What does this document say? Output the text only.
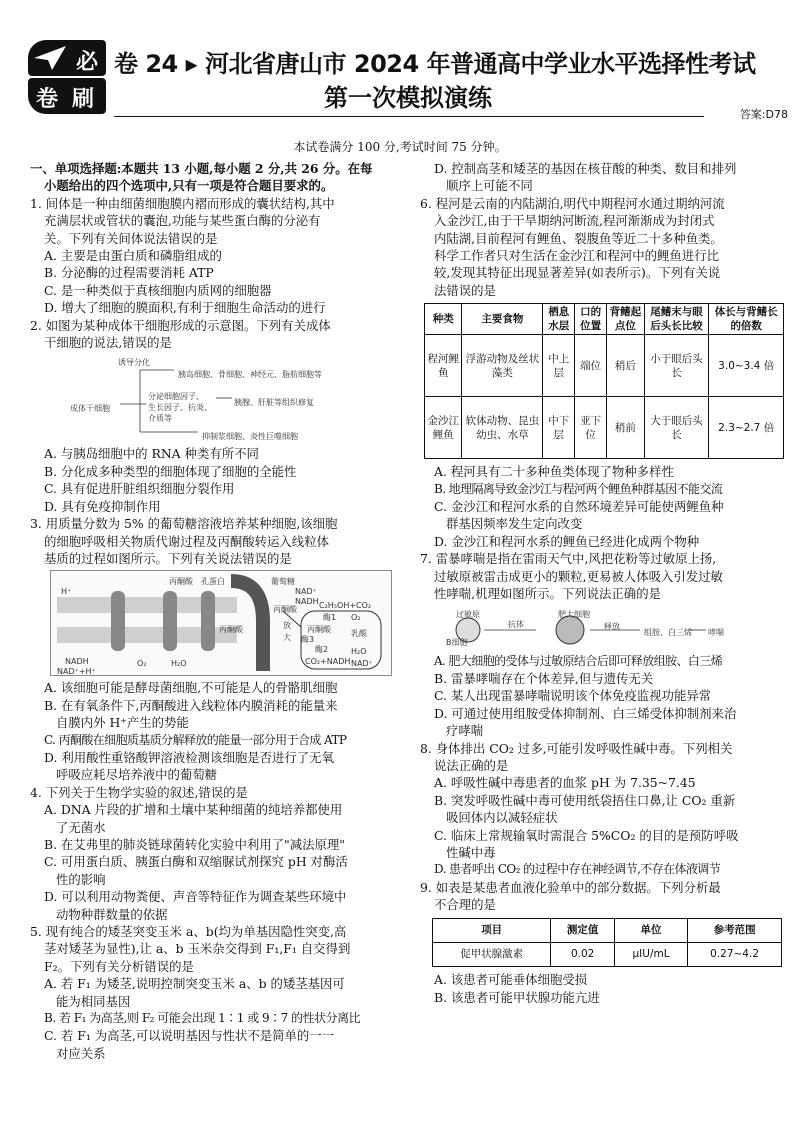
必
卷 刷
卷 24 ▸ 河北省唐山市 2024 年普通高中学业水平选择性考试
第一次模拟演练
答案:D78
本试卷满分 100 分,考试时间 75 分钟。

一、单项选择题:本题共 13 小题,每小题 2 分,共 26 分。在每

小题给出的四个选项中,只有一项是符合题目要求的。

1. 间体是一种由细菌细胞膜内褶而形成的囊状结构,其中

充满层状或管状的囊泡,功能与某些蛋白酶的分泌有

关。下列有关间体说法错误的是

A. 主要是由蛋白质和磷脂组成的

B. 分泌酶的过程需要消耗 ATP

C. 是一种类似于真核细胞内质网的细胞器

D. 增大了细胞的膜面积,有利于细胞生命活动的进行

2. 如图为某种成体干细胞形成的示意图。下列有关成体

干细胞的说法,错误的是

诱导分化
胰岛细胞、骨细胞、神经元、脂肪细胞等
分泌细胞因子、
生长因子、抗炎、
介质等
胰腺、肝脏等组织修复
成体干细胞
抑制浆细胞、炎性巨噬细胞

A. 与胰岛细胞中的 RNA 种类有所不同

B. 分化成多种类型的细胞体现了细胞的全能性

C. 具有促进肝脏组织细胞分裂作用

D. 具有免疫抑制作用

3. 用质量分数为 5% 的葡萄糖溶液培养某种细胞,该细胞

的细胞呼吸相关物质代谢过程及丙酮酸转运入线粒体

基质的过程如图所示。下列有关说法错误的是

丙酮酸 孔蛋白	葡萄糖
NAD⁺
NADH C₂H₅OH+CO₂
酶1
丙酮酸
O₂
丙酮酸
酶3
酶2
CO₂+NADH
H₂O
NAD⁺
乳酸
放
大
NADH
NAD⁺+H⁺
H⁺
O₂	H₂O
丙酮酸

A. 该细胞可能是酵母菌细胞,不可能是人的骨骼肌细胞

B. 在有氧条件下,丙酮酸进入线粒体内膜消耗的能量来

自膜内外 H⁺产生的势能

C. 丙酮酸在细胞质基质分解释放的能量一部分用于合成 ATP

D. 利用酸性重铬酸钾溶液检测该细胞是否进行了无氧

呼吸应耗尽培养液中的葡萄糖

4. 下列关于生物学实验的叙述,错误的是

A. DNA 片段的扩增和土壤中某种细菌的纯培养都使用

了无菌水

B. 在艾弗里的肺炎链球菌转化实验中利用了"减法原理"

C. 可用蛋白质、胰蛋白酶和双缩脲试剂探究 pH 对酶活

性的影响

D. 可以利用动物粪便、声音等特征作为调查某些环境中

动物种群数量的依据

5. 现有纯合的矮茎突变玉米 a、b(均为单基因隐性突变,高

茎对矮茎为显性),让 a、b 玉米杂交得到 F₁,F₁ 自交得到

F₂。下列有关分析错误的是

A. 若 F₁ 为矮茎,说明控制突变玉米 a、b 的矮茎基因可

能为相同基因

B. 若 F₁ 为高茎,则 F₂ 可能会出现 1∶1 或 9∶7 的性状分离比

C. 若 F₁ 为高茎,可以说明基因与性状不是简单的一一

对应关系

D. 控制高茎和矮茎的基因在核苷酸的种类、数目和排列

顺序上可能不同

6. 程河是云南的内陆湖泊,明代中期程河水通过期纳河流

入金沙江,由于干旱期纳河断流,程河渐渐成为封闭式

内陆湖,目前程河有鲤鱼、裂腹鱼等近二十多种鱼类。

科学工作者只对生活在金沙江和程河中的鲤鱼进行比

较,发现其特征出现显著差异(如表所示)。下列有关说

法错误的是

种类	主要食物	栖息水层	口的位置	背鳍起点位	尾鳍末与眼后头长比较	体长与背鳍长的倍数
程河鲤鱼	浮游动物及丝状藻类	中上层	端位	稍后	小于眼后头长	3.0~3.4 倍
金沙江鲤鱼	软体动物、昆虫幼虫、水草	中下层	亚下位	稍前	大于眼后头长	2.3~2.7 倍

A. 程河具有二十多种鱼类体现了物种多样性

B. 地理隔离导致金沙江与程河两个鲤鱼种群基因不能交流

C. 金沙江和程河水系的自然环境差异可能使两鲤鱼种

群基因频率发生定向改变

D. 金沙江和程河水系的鲤鱼已经进化成两个物种

7. 雷暴哮喘是指在雷雨天气中,风把花粉等过敏原上扬,

过敏原被雷击成更小的颗粒,更易被人体吸入引发过敏

性哮喘,机理如图所示。下列说法正确的是

过敏原
B细胞
抗体
肥大细胞
释放
组胺、白三烯 哮喘

A. 肥大细胞的受体与过敏原结合后即可释放组胺、白三烯

B. 雷暴哮喘存在个体差异,但与遗传无关

C. 某人出现雷暴哮喘说明该个体免疫监视功能异常

D. 可通过使用组胺受体抑制剂、白三烯受体抑制剂来治

疗哮喘

8. 身体排出 CO₂ 过多,可能引发呼吸性碱中毒。下列相关

说法正确的是

A. 呼吸性碱中毒患者的血浆 pH 为 7.35~7.45

B. 突发呼吸性碱中毒可使用纸袋捂住口鼻,让 CO₂ 重新

吸回体内以减轻症状

C. 临床上常规输氧时需混合 5%CO₂ 的目的是预防呼吸

性碱中毒

D. 患者呼出 CO₂ 的过程中存在神经调节,不存在体液调节

9. 如表是某患者血液化验单中的部分数据。下列分析最

不合理的是

项目	测定值	单位	参考范围
促甲状腺激素	0.02	μIU/mL	0.27~4.2

A. 该患者可能垂体细胞受损

B. 该患者可能甲状腺功能亢进
